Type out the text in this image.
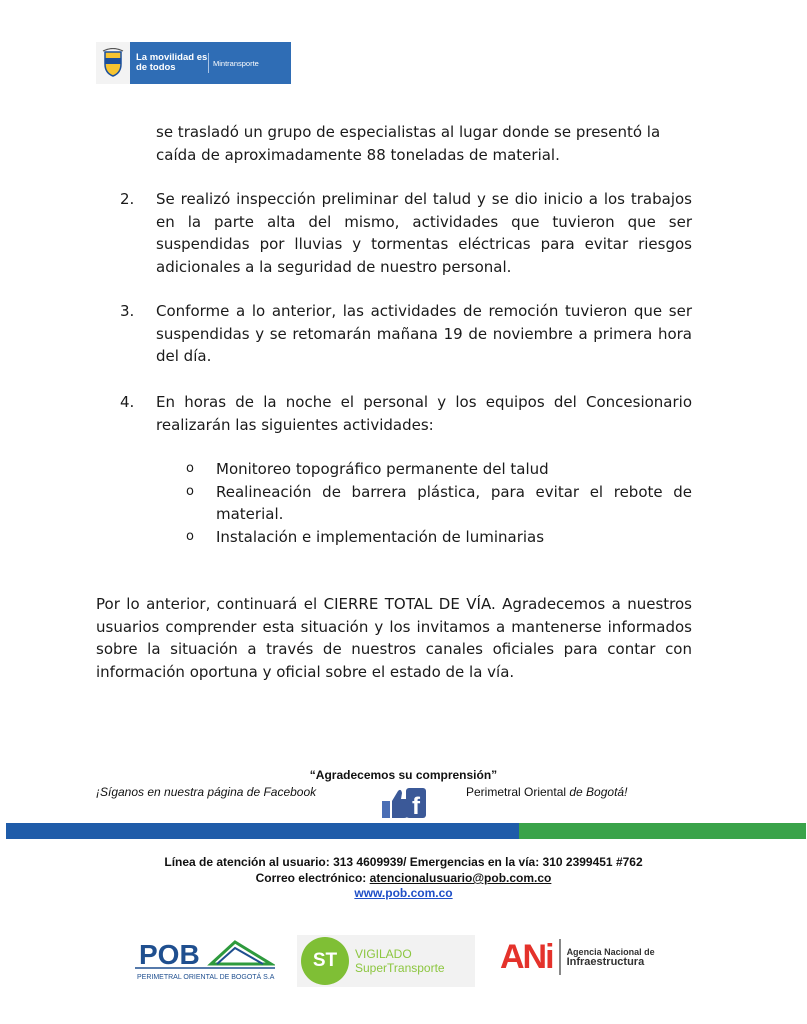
La movilidad es de todos	Mintransporte
se trasladó un grupo de especialistas al lugar donde se presentó la caída de aproximadamente 88 toneladas de material.
2.	Se realizó inspección preliminar del talud y se dio inicio a los trabajos en la parte alta del mismo, actividades que tuvieron que ser suspendidas por lluvias y tormentas eléctricas para evitar riesgos adicionales a la seguridad de nuestro personal.
3.	Conforme a lo anterior, las actividades de remoción tuvieron que ser suspendidas y se retomarán mañana 19 de noviembre a primera hora del día.
4.	En horas de la noche el personal y los equipos del Concesionario realizarán las siguientes actividades:
o	Monitoreo topográfico permanente del talud
o	Realineación de barrera plástica, para evitar el rebote de material.
o	Instalación e implementación de luminarias
Por lo anterior, continuará el CIERRE TOTAL DE VÍA. Agradecemos a nuestros usuarios comprender esta situación y los invitamos a mantenerse informados sobre la situación a través de nuestros canales oficiales para contar con información oportuna y oficial sobre el estado de la vía.
“Agradecemos su comprensión”
¡Síganos en nuestra página de Facebook
f
Perimetral Oriental de Bogotá!
Línea de atención al usuario: 313 4609939/ Emergencias en la vía: 310 2399451 #762
Correo electrónico: atencionalusuario@pob.com.co
www.pob.com.co
POB
PERIMETRAL ORIENTAL DE BOGOTÁ S.A.S.
ST	VIGILADO
SuperTransporte ANi Agencia Nacional de
Infraestructura
